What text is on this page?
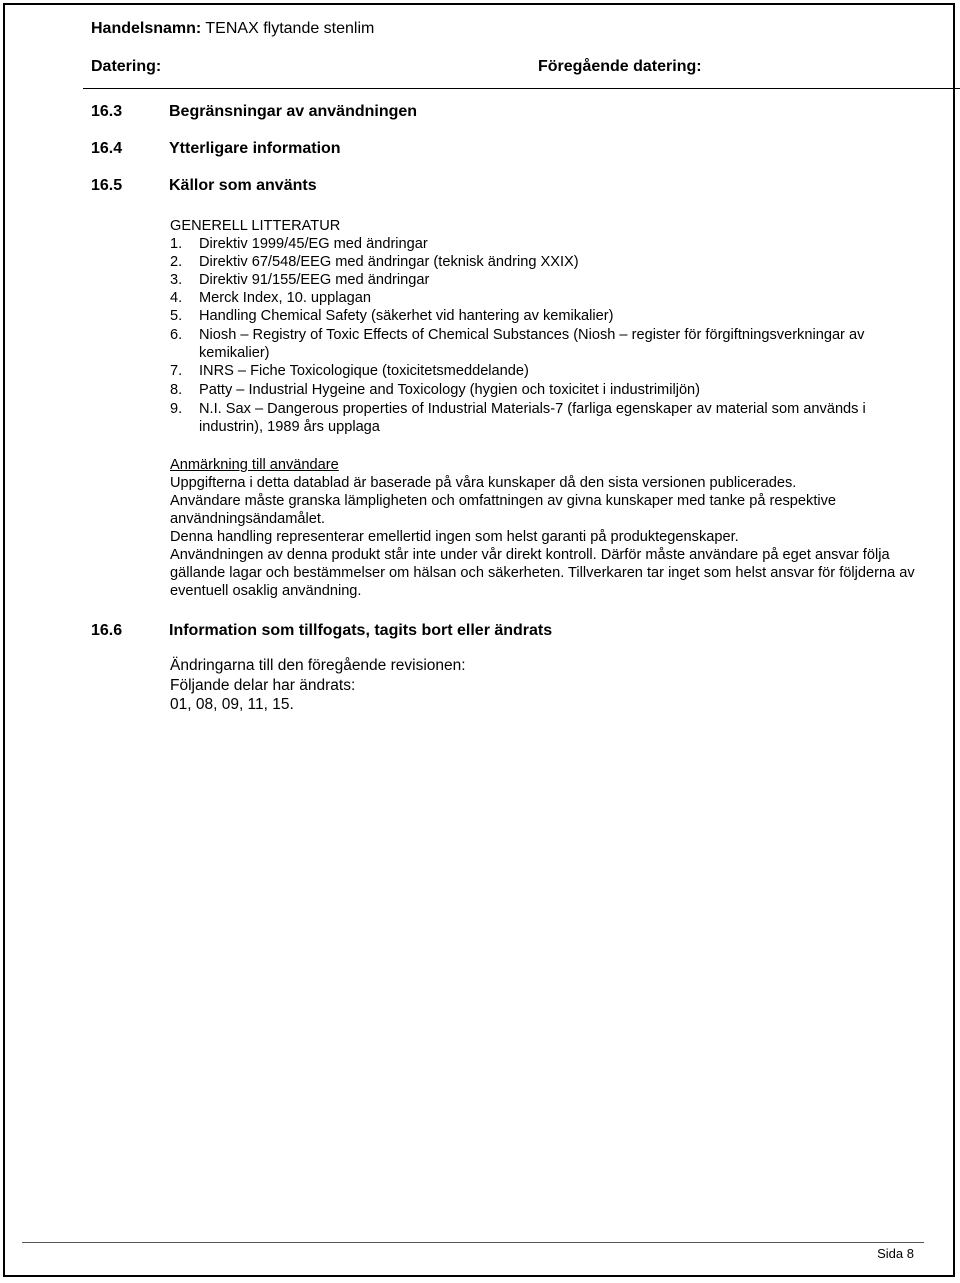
Handelsnamn: TENAX flytande stenlim
Datering:	Föregående datering:
16.3	Begränsningar av användningen
16.4	Ytterligare information
16.5	Källor som använts
GENERELL LITTERATUR
1. Direktiv 1999/45/EG med ändringar
2. Direktiv 67/548/EEG med ändringar (teknisk ändring XXIX)
3. Direktiv 91/155/EEG med ändringar
4. Merck Index, 10. upplagan
5. Handling Chemical Safety (säkerhet vid hantering av kemikalier)
6. Niosh – Registry of Toxic Effects of Chemical Substances (Niosh – register för förgiftningsverkningar av kemikalier)
7. INRS – Fiche Toxicologique (toxicitetsmeddelande)
8. Patty – Industrial Hygeine and Toxicology (hygien och toxicitet i industrimiljön)
9. N.I. Sax – Dangerous properties of Industrial Materials-7 (farliga egenskaper av material som används i industrin), 1989 års upplaga

Anmärkning till användare

Uppgifterna i detta datablad är baserade på våra kunskaper då den sista versionen publicerades.

Användare måste granska lämpligheten och omfattningen av givna kunskaper med tanke på respektive användningsändamålet.

Denna handling representerar emellertid ingen som helst garanti på produktegenskaper.

Användningen av denna produkt står inte under vår direkt kontroll. Därför måste användare på eget ansvar följa gällande lagar och bestämmelser om hälsan och säkerheten. Tillverkaren tar inget som helst ansvar för följderna av eventuell osaklig användning.

16.6	Information som tillfogats, tagits bort eller ändrats
Ändringarna till den föregående revisionen:
Följande delar har ändrats:
01, 08, 09, 11, 15.
Sida 8
